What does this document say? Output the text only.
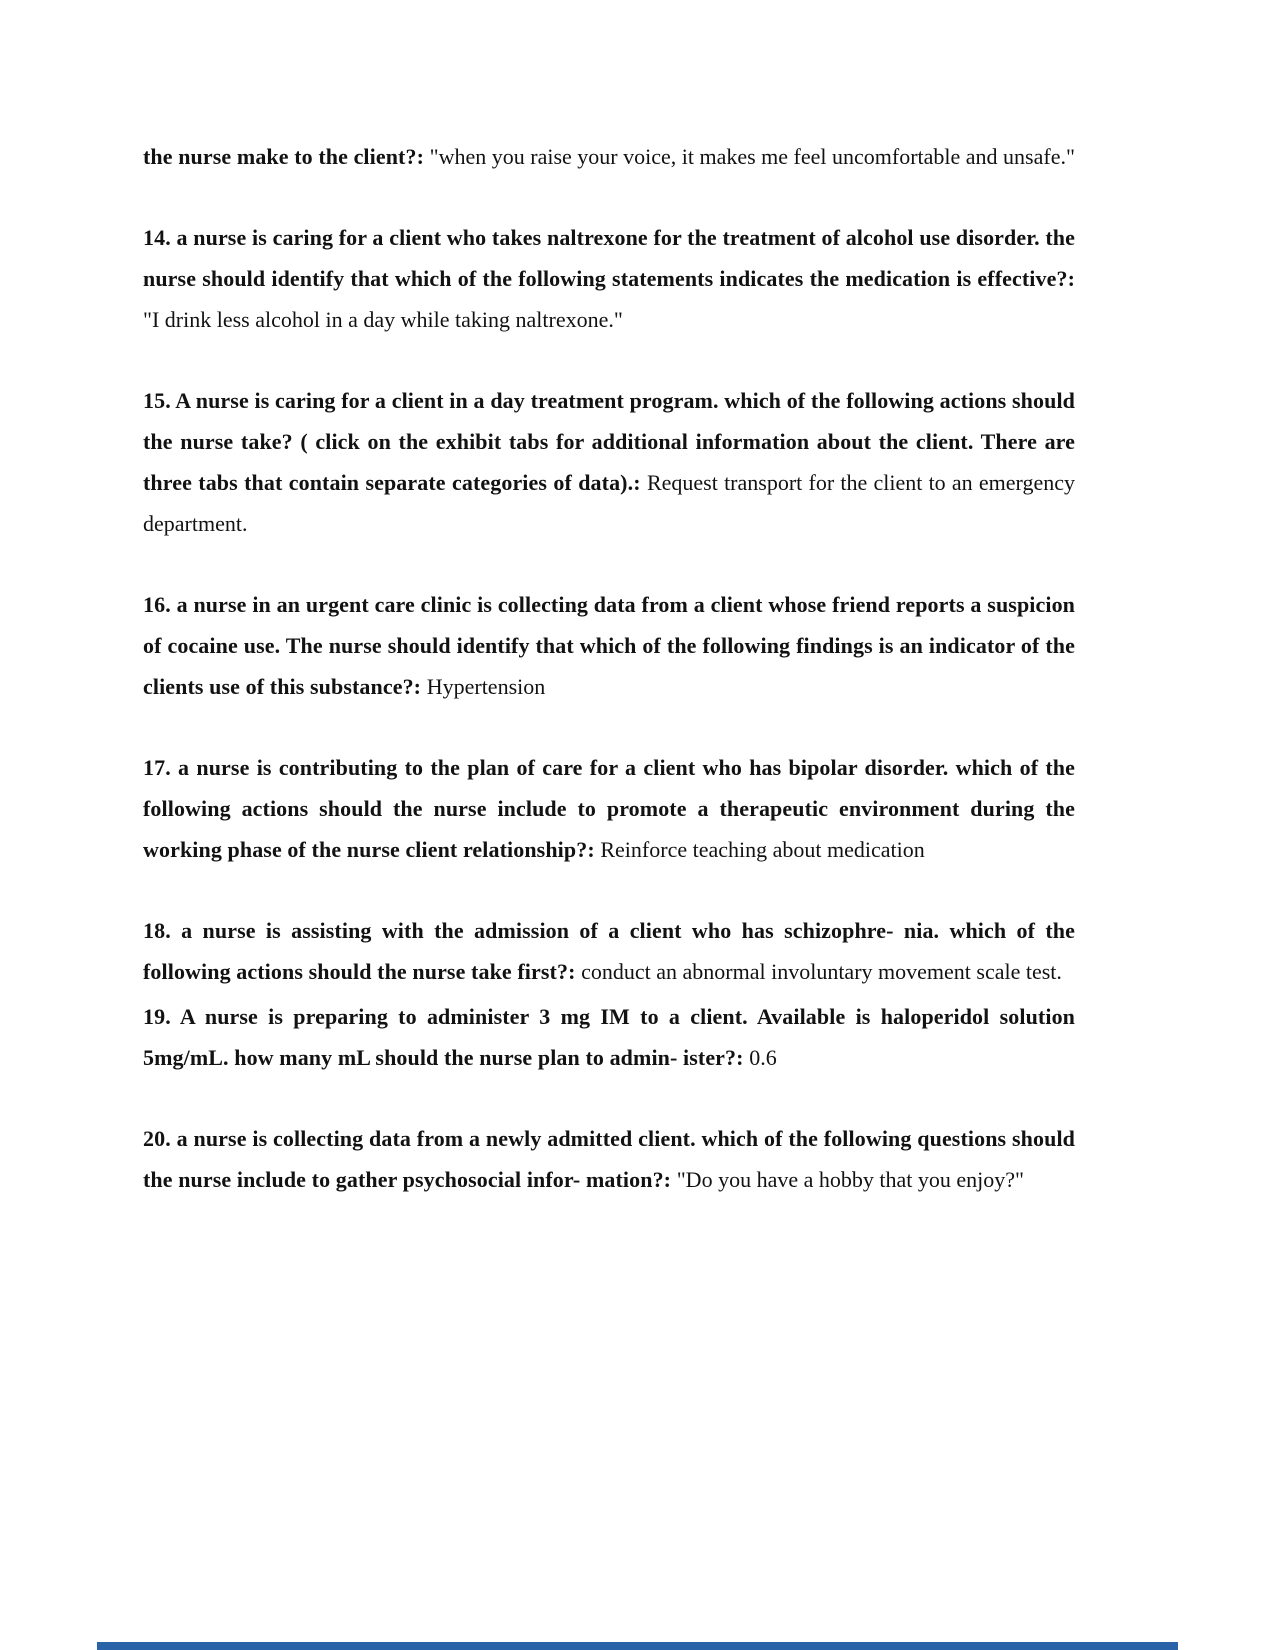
the nurse make to the client?: "when you raise your voice, it makes me feel uncomfortable and unsafe."

14. a nurse is caring for a client who takes naltrexone for the treatment of alcohol use disorder. the nurse should identify that which of the following statements indicates the medication is effective?: "I drink less alcohol in a day while taking naltrexone."

15. A nurse is caring for a client in a day treatment program. which of the following actions should the nurse take? ( click on the exhibit tabs for additional information about the client. There are three tabs that contain separate categories of data).: Request transport for the client to an emergency department.

16. a nurse in an urgent care clinic is collecting data from a client whose friend reports a suspicion of cocaine use. The nurse should identify that which of the following findings is an indicator of the clients use of this substance?: Hypertension

17. a nurse is contributing to the plan of care for a client who has bipolar disorder. which of the following actions should the nurse include to promote a therapeutic environment during the working phase of the nurse client relationship?: Reinforce teaching about medication

18. a nurse is assisting with the admission of a client who has schizophre- nia. which of the following actions should the nurse take first?: conduct an abnormal involuntary movement scale test.

19. A nurse is preparing to administer 3 mg IM to a client. Available is haloperidol solution 5mg/mL. how many mL should the nurse plan to admin- ister?: 0.6

20. a nurse is collecting data from a newly admitted client. which of the following questions should the nurse include to gather psychosocial infor- mation?: "Do you have a hobby that you enjoy?"
